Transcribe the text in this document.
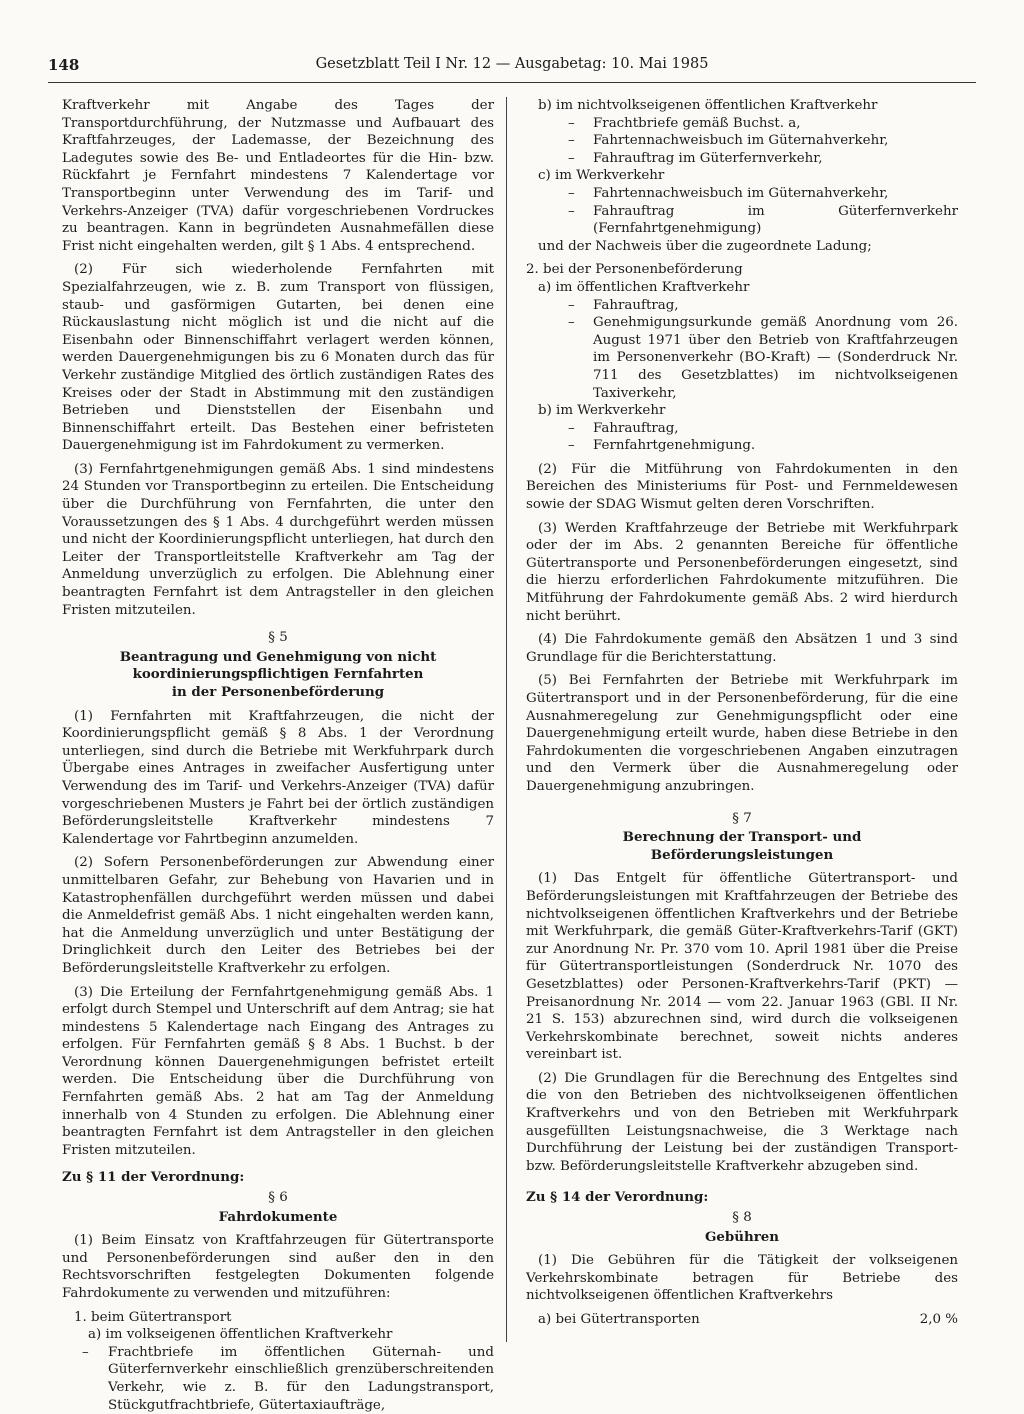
148	Gesetzblatt Teil I Nr. 12 — Ausgabetag: 10. Mai 1985

Kraftverkehr mit Angabe des Tages der Transportdurchführung, der Nutzmasse und Aufbauart des Kraftfahrzeuges, der Lademasse, der Bezeichnung des Ladegutes sowie des Be- und Entladeortes für die Hin- bzw. Rückfahrt je Fernfahrt mindestens 7 Kalendertage vor Transportbeginn unter Verwendung des im Tarif- und Verkehrs-Anzeiger (TVA) dafür vorgeschriebenen Vordruckes zu beantragen. Kann in begründeten Ausnahmefällen diese Frist nicht eingehalten werden, gilt § 1 Abs. 4 entsprechend.

(2) Für sich wiederholende Fernfahrten mit Spezialfahrzeugen, wie z. B. zum Transport von flüssigen, staub- und gasförmigen Gutarten, bei denen eine Rückauslastung nicht möglich ist und die nicht auf die Eisenbahn oder Binnenschiffahrt verlagert werden können, werden Dauergenehmigungen bis zu 6 Monaten durch das für Verkehr zuständige Mitglied des örtlich zuständigen Rates des Kreises oder der Stadt in Abstimmung mit den zuständigen Betrieben und Dienststellen der Eisenbahn und Binnenschiffahrt erteilt. Das Bestehen einer befristeten Dauergenehmigung ist im Fahrdokument zu vermerken.

(3) Fernfahrtgenehmigungen gemäß Abs. 1 sind mindestens 24 Stunden vor Transportbeginn zu erteilen. Die Entscheidung über die Durchführung von Fernfahrten, die unter den Voraussetzungen des § 1 Abs. 4 durchgeführt werden müssen und nicht der Koordinierungspflicht unterliegen, hat durch den Leiter der Transportleitstelle Kraftverkehr am Tag der Anmeldung unverzüglich zu erfolgen. Die Ablehnung einer beantragten Fernfahrt ist dem Antragsteller in den gleichen Fristen mitzuteilen.

§ 5
Beantragung und Genehmigung von nicht
koordinierungspflichtigen Fernfahrten
in der Personenbeförderung

(1) Fernfahrten mit Kraftfahrzeugen, die nicht der Koordinierungspflicht gemäß § 8 Abs. 1 der Verordnung unterliegen, sind durch die Betriebe mit Werkfuhrpark durch Übergabe eines Antrages in zweifacher Ausfertigung unter Verwendung des im Tarif- und Verkehrs-Anzeiger (TVA) dafür vorgeschriebenen Musters je Fahrt bei der örtlich zuständigen Beförderungsleitstelle Kraftverkehr mindestens 7 Kalendertage vor Fahrtbeginn anzumelden.

(2) Sofern Personenbeförderungen zur Abwendung einer unmittelbaren Gefahr, zur Behebung von Havarien und in Katastrophenfällen durchgeführt werden müssen und dabei die Anmeldefrist gemäß Abs. 1 nicht eingehalten werden kann, hat die Anmeldung unverzüglich und unter Bestätigung der Dringlichkeit durch den Leiter des Betriebes bei der Beförderungsleitstelle Kraftverkehr zu erfolgen.

(3) Die Erteilung der Fernfahrtgenehmigung gemäß Abs. 1 erfolgt durch Stempel und Unterschrift auf dem Antrag; sie hat mindestens 5 Kalendertage nach Eingang des Antrages zu erfolgen. Für Fernfahrten gemäß § 8 Abs. 1 Buchst. b der Verordnung können Dauergenehmigungen befristet erteilt werden. Die Entscheidung über die Durchführung von Fernfahrten gemäß Abs. 2 hat am Tag der Anmeldung innerhalb von 4 Stunden zu erfolgen. Die Ablehnung einer beantragten Fernfahrt ist dem Antragsteller in den gleichen Fristen mitzuteilen.

Zu § 11 der Verordnung:
§ 6
Fahrdokumente

(1) Beim Einsatz von Kraftfahrzeugen für Gütertransporte und Personenbeförderungen sind außer den in den Rechtsvorschriften festgelegten Dokumenten folgende Fahrdokumente zu verwenden und mitzuführen:

1. beim Gütertransport
a) im volkseigenen öffentlichen Kraftverkehr
– Frachtbriefe im öffentlichen Güternah- und Güterfernverkehr einschließlich grenzüberschreitenden Verkehr, wie z. B. für den Ladungstransport, Stückgutfrachtbriefe, Gütertaxiaufträge,
b) im nichtvolkseigenen öffentlichen Kraftverkehr
– Frachtbriefe gemäß Buchst. a,
– Fahrtennachweisbuch im Güternahverkehr,
– Fahrauftrag im Güterfernverkehr,
c) im Werkverkehr
– Fahrtennachweisbuch im Güternahverkehr,
– Fahrauftrag im Güterfernverkehr (Fernfahrtgenehmigung)
und der Nachweis über die zugeordnete Ladung;
2. bei der Personenbeförderung
a) im öffentlichen Kraftverkehr
– Fahrauftrag,
– Genehmigungsurkunde gemäß Anordnung vom 26. August 1971 über den Betrieb von Kraftfahrzeugen im Personenverkehr (BO-Kraft) — (Sonderdruck Nr. 711 des Gesetzblattes) im nichtvolkseigenen Taxiverkehr,
b) im Werkverkehr
– Fahrauftrag,
– Fernfahrtgenehmigung.

(2) Für die Mitführung von Fahrdokumenten in den Bereichen des Ministeriums für Post- und Fernmeldewesen sowie der SDAG Wismut gelten deren Vorschriften.

(3) Werden Kraftfahrzeuge der Betriebe mit Werkfuhrpark oder der im Abs. 2 genannten Bereiche für öffentliche Gütertransporte und Personenbeförderungen eingesetzt, sind die hierzu erforderlichen Fahrdokumente mitzuführen. Die Mitführung der Fahrdokumente gemäß Abs. 2 wird hierdurch nicht berührt.

(4) Die Fahrdokumente gemäß den Absätzen 1 und 3 sind Grundlage für die Berichterstattung.

(5) Bei Fernfahrten der Betriebe mit Werkfuhrpark im Gütertransport und in der Personenbeförderung, für die eine Ausnahmeregelung zur Genehmigungspflicht oder eine Dauergenehmigung erteilt wurde, haben diese Betriebe in den Fahrdokumenten die vorgeschriebenen Angaben einzutragen und den Vermerk über die Ausnahmeregelung oder Dauergenehmigung anzubringen.

§ 7
Berechnung der Transport- und
Beförderungsleistungen

(1) Das Entgelt für öffentliche Gütertransport- und Beförderungsleistungen mit Kraftfahrzeugen der Betriebe des nichtvolkseigenen öffentlichen Kraftverkehrs und der Betriebe mit Werkfuhrpark, die gemäß Güter-Kraftverkehrs-Tarif (GKT) zur Anordnung Nr. Pr. 370 vom 10. April 1981 über die Preise für Gütertransportleistungen (Sonderdruck Nr. 1070 des Gesetzblattes) oder Personen-Kraftverkehrs-Tarif (PKT) — Preisanordnung Nr. 2014 — vom 22. Januar 1963 (GBl. II Nr. 21 S. 153) abzurechnen sind, wird durch die volkseigenen Verkehrskombinate berechnet, soweit nichts anderes vereinbart ist.

(2) Die Grundlagen für die Berechnung des Entgeltes sind die von den Betrieben des nichtvolkseigenen öffentlichen Kraftverkehrs und von den Betrieben mit Werkfuhrpark ausgefüllten Leistungsnachweise, die 3 Werktage nach Durchführung der Leistung bei der zuständigen Transport- bzw. Beförderungsleitstelle Kraftverkehr abzugeben sind.

Zu § 14 der Verordnung:
§ 8
Gebühren

(1) Die Gebühren für die Tätigkeit der volkseigenen Verkehrskombinate betragen für Betriebe des nichtvolkseigenen öffentlichen Kraftverkehrs

a) bei Gütertransporten	2,0 %
